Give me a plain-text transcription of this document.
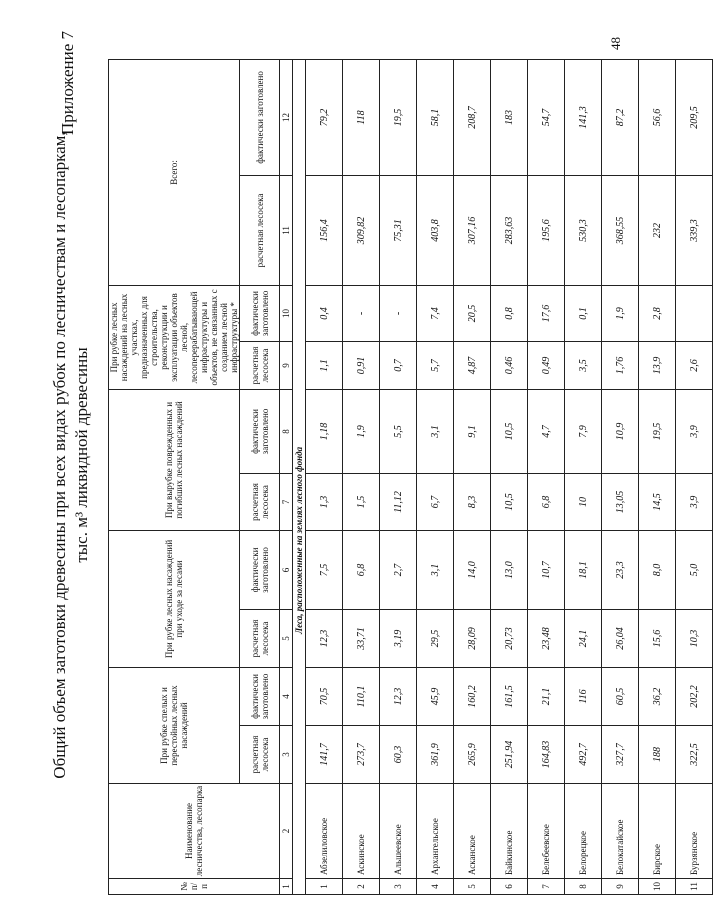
Приложение 7
Общий объем заготовки древесины при всех видах рубок по лесничествам и лесопаркам, тыс. м³ ликвидной древесины
48
№ п/ п	Наименование лесничества, лесопарка	При рубке спелых и перестойных лесных насаждений		При рубке лесных насаждений при уходе за лесами		При вырубке поврежденных и погибших лесных насаждений		При рубке лесных насаждений на лесных участках, предназначенных для строительства, реконструкции и эксплуатации объектов лесной, лесоперерабатывающей инфраструктуры и объектов, не связанных с созданием лесной инфраструктуры *		Всего:	
		расчетная лесосека	фактически заготовлено	расчетная лесосека	фактически заготовлено	расчетная лесосека	фактически заготовлено	расчетная лесосека	фактически заготовлено	расчетная лесосека	фактически заготовлено
1	2	3	4	5	6	7	8	9	10	11	12
Леса, расположенные на землях лесного фонда											
1	Абзелиловское	141,7	70,5	12,3	7,5	1,3	1,18	1,1	0,4	156,4	79,2
2	Аскинское	273,7	110,1	33,71	6,8	1,5	1,9	0,91	-	309,82	118
3	Альшеевское	60,3	12,3	3,19	2,7	11,12	5,5	0,7	-	75,31	19,5
4	Архангельское	361,9	45,9	29,5	3,1	6,7	3,1	5,7	7,4	403,8	58,1
5	Асканское	265,9	160,2	28,09	14,0	8,3	9,1	4,87	20,5	307,16	208,7
6	Байкинское	251,94	161,5	20,73	13,0	10,5	10,5	0,46	0,8	283,63	183
7	Белебеевское	164,83	21,1	23,48	10,7	6,8	4,7	0,49	17,6	195,6	54,7
8	Белорецкое	492,7	116	24,1	18,1	10	7,9	3,5	0,1	530,3	141,3
9	Белокатайское	327,7	60,5	26,04	23,3	13,05	10,9	1,76	1,9	368,55	87,2
10	Бирское	188	36,2	15,6	8,0	14,5	19,5	13,9	2,8	232	56,6
11	Бурзянское	322,5	202,2	10,3	5,0	3,9	3,9	2,6		339,3	209,5
